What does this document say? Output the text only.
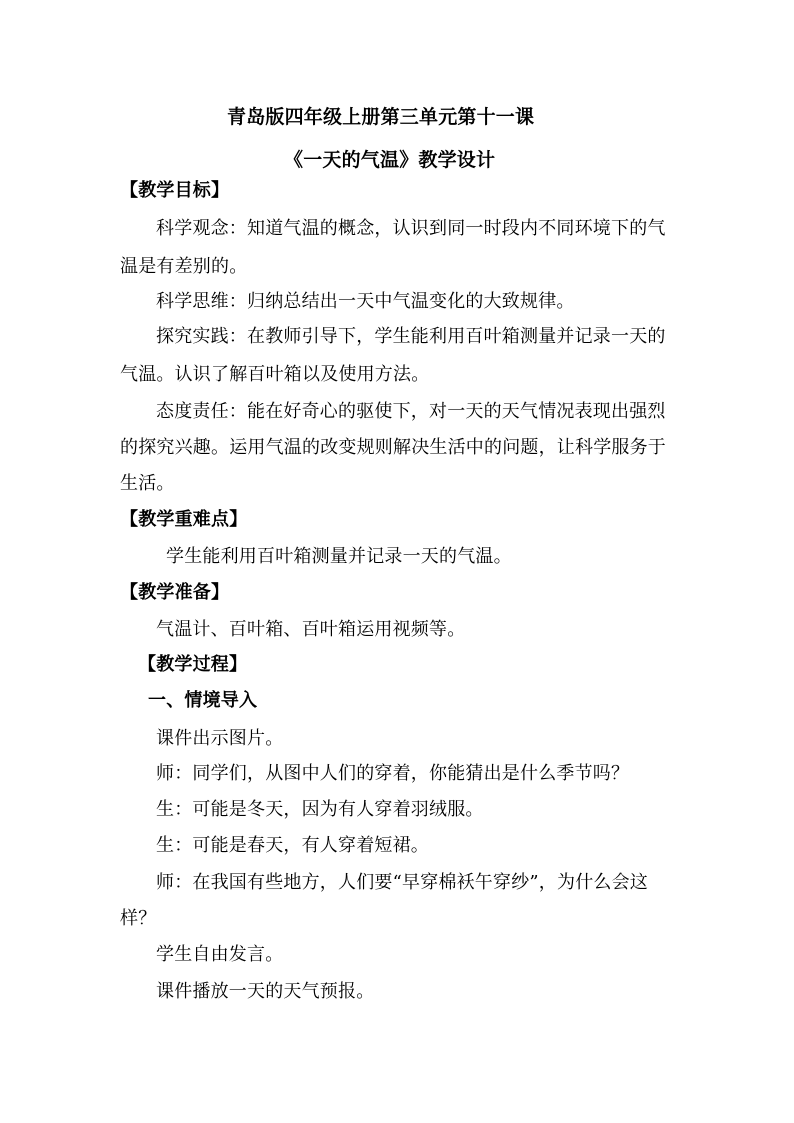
青岛版四年级上册第三单元第十一课
《一天的气温》教学设计
【教学目标】
科学观念：知道气温的概念，认识到同一时段内不同环境下的气
温是有差别的。
科学思维：归纳总结出一天中气温变化的大致规律。
探究实践：在教师引导下，学生能利用百叶箱测量并记录一天的
气温。认识了解百叶箱以及使用方法。
态度责任：能在好奇心的驱使下，对一天的天气情况表现出强烈
的探究兴趣。运用气温的改变规则解决生活中的问题，让科学服务于
生活。
【教学重难点】
学生能利用百叶箱测量并记录一天的气温。
【教学准备】
气温计、百叶箱、百叶箱运用视频等。
【教学过程】
一、情境导入
课件出示图片。
师：同学们，从图中人们的穿着，你能猜出是什么季节吗？
生：可能是冬天，因为有人穿着羽绒服。
生：可能是春天，有人穿着短裙。
师：在我国有些地方，人们要“早穿棉袄午穿纱”，为什么会这
样？
学生自由发言。
课件播放一天的天气预报。
